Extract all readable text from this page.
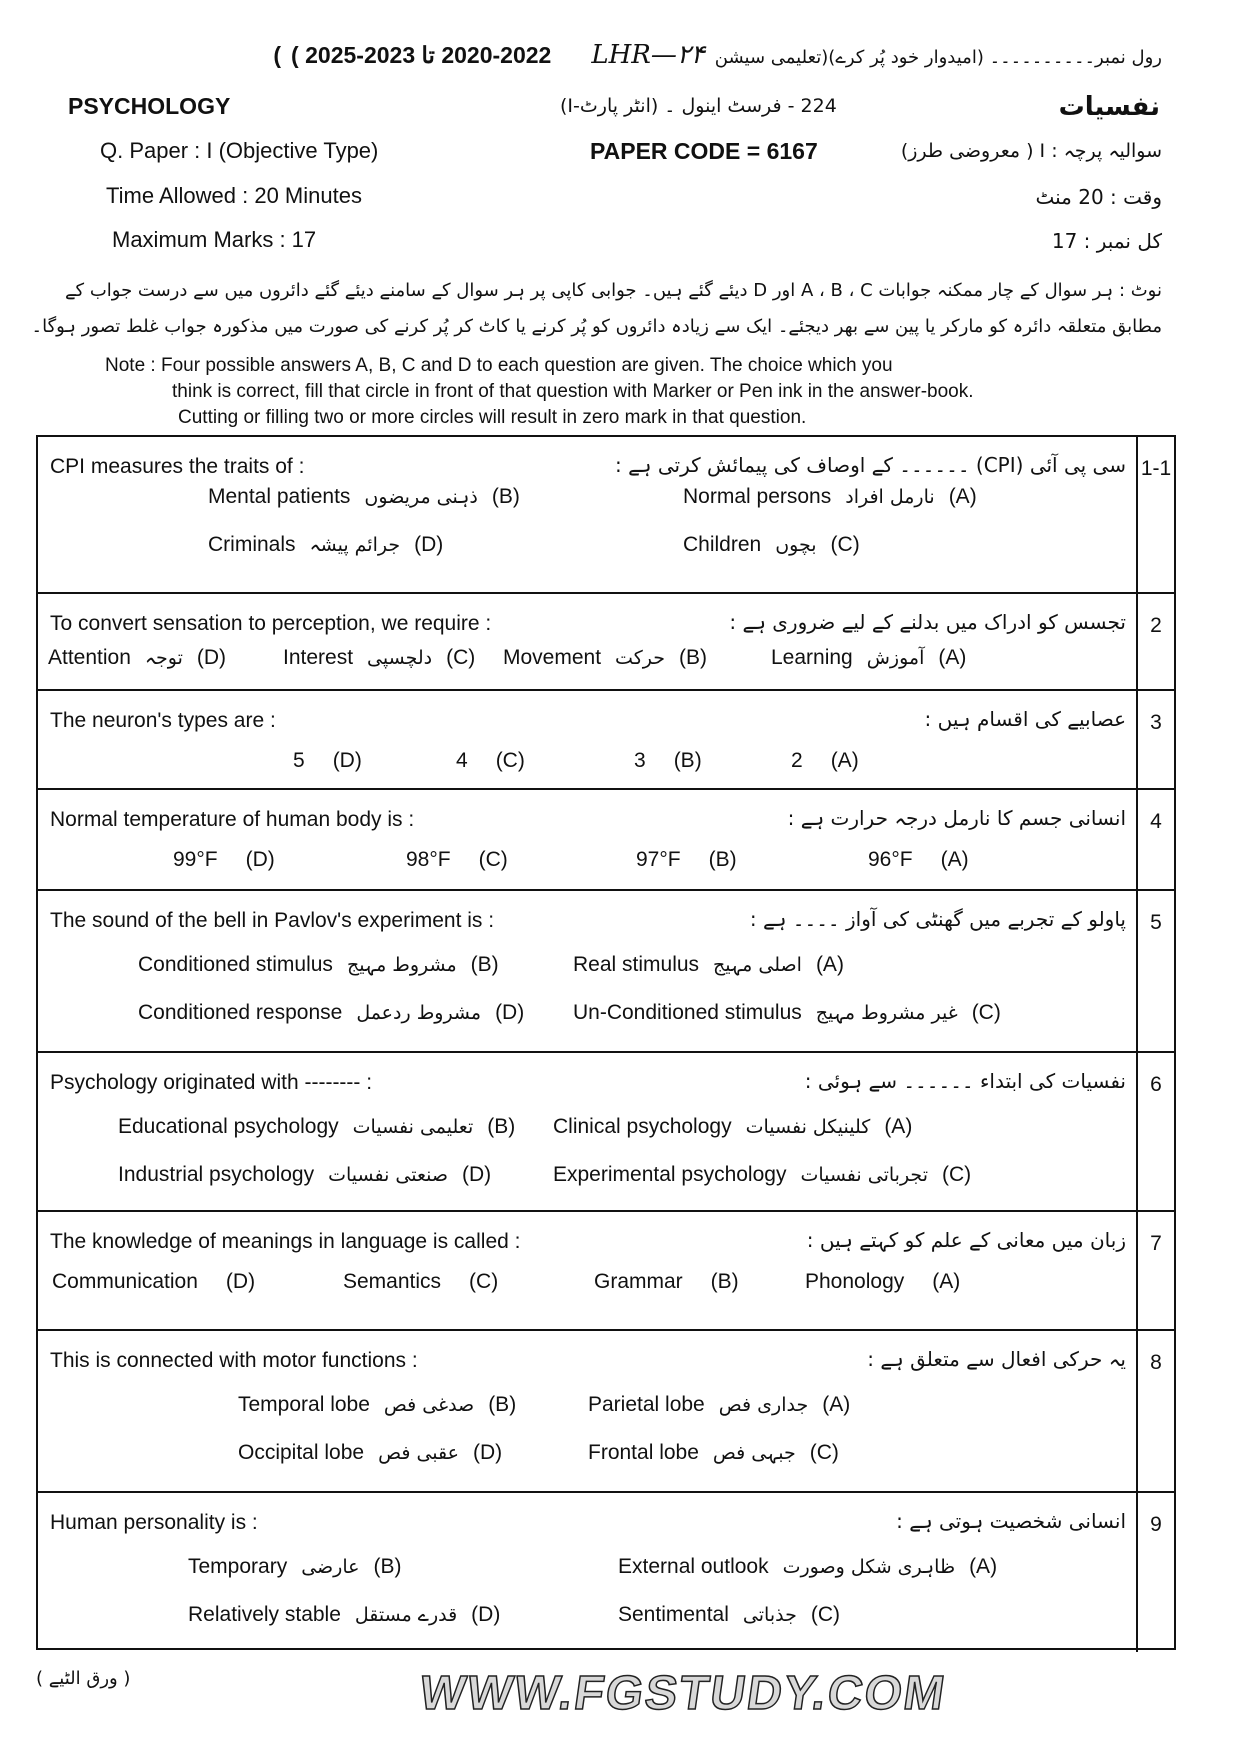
( 2020-2022 تا 2023-2025 ) LHR—۲۴ رول نمبر۔۔۔۔۔۔۔۔۔۔ (امیدوار خود پُر کرے)(تعلیمی سیشن
PSYCHOLOGY	224 - فرسٹ اینول ۔ (انٹر پارٹ-I)	نفسیات
Q. Paper : I (Objective Type)	PAPER CODE = 6167	سوالیہ پرچہ : I ( معروضی طرز)
Time Allowed : 20 Minutes	وقت : 20 منٹ
Maximum Marks : 17	کل نمبر : 17
نوٹ : ہر سوال کے چار ممکنہ جوابات A ، B ، C اور D دیئے گئے ہیں۔ جوابی کاپی پر ہر سوال کے سامنے دیئے گئے دائروں میں سے درست جواب کے
مطابق متعلقہ دائرہ کو مارکر یا پین سے بھر دیجئے۔ ایک سے زیادہ دائروں کو پُر کرنے یا کاٹ کر پُر کرنے کی صورت میں مذکورہ جواب غلط تصور ہوگا۔
Note : Four possible answers A, B, C and D to each question are given. The choice which you
think is correct, fill that circle in front of that question with Marker or Pen ink in the answer-book.
Cutting or filling two or more circles will result in zero mark in that question.
1-1
CPI measures the traits of :	سی پی آئی (CPI) ۔۔۔۔۔۔ کے اوصاف کی پیمائش کرتی ہے :
Mental patients ذہنی مریضوں (B)	Normal persons نارمل افراد (A)
Criminals جرائم پیشہ (D)	Children بچوں (C)
2
To convert sensation to perception, we require :	تجسس کو ادراک میں بدلنے کے لیے ضروری ہے :
Attention توجہ (D)	Interest دلچسپی (C) Movement حرکت (B)	Learning آموزش (A)
3
The neuron's types are :	عصابیے کی اقسام ہیں :
5 (D)	4 (C)	3 (B)	2 (A)
4
Normal temperature of human body is :	انسانی جسم کا نارمل درجہ حرارت ہے :
99°F (D)	98°F (C)	97°F (B)	96°F (A)
5
The sound of the bell in Pavlov's experiment is :	پاولو کے تجربے میں گھنٹی کی آواز ۔۔۔۔ ہے :
Conditioned stimulus مشروط مہیج (B)	Real stimulus اصلی مہیج (A)
Conditioned response مشروط ردعمل (D) Un-Conditioned stimulus غیر مشروط مہیج (C)
6
Psychology originated with -------- :	نفسیات کی ابتداء ۔۔۔۔۔۔ سے ہوئی :
Educational psychology تعلیمی نفسیات (B) Clinical psychology کلینیکل نفسیات (A)
Industrial psychology صنعتی نفسیات (D)	Experimental psychology تجرباتی نفسیات (C)
7
The knowledge of meanings in language is called :	زبان میں معانی کے علم کو کہتے ہیں :
Communication (D)	Semantics (C)	Grammar (B)	Phonology (A)
8
This is connected with motor functions :	یہ حرکی افعال سے متعلق ہے :
Temporal lobe صدغی فص (B)	Parietal lobe جداری فص (A)
Occipital lobe عقبی فص (D)	Frontal lobe جبہی فص (C)
9
Human personality is :	انسانی شخصیت ہوتی ہے :
Temporary عارضی (B)	External outlook ظاہری شکل وصورت (A)
Relatively stable قدرے مستقل (D)	Sentimental جذباتی (C)
( ورق الٹیے )	WWW.FGSTUDY.COM
